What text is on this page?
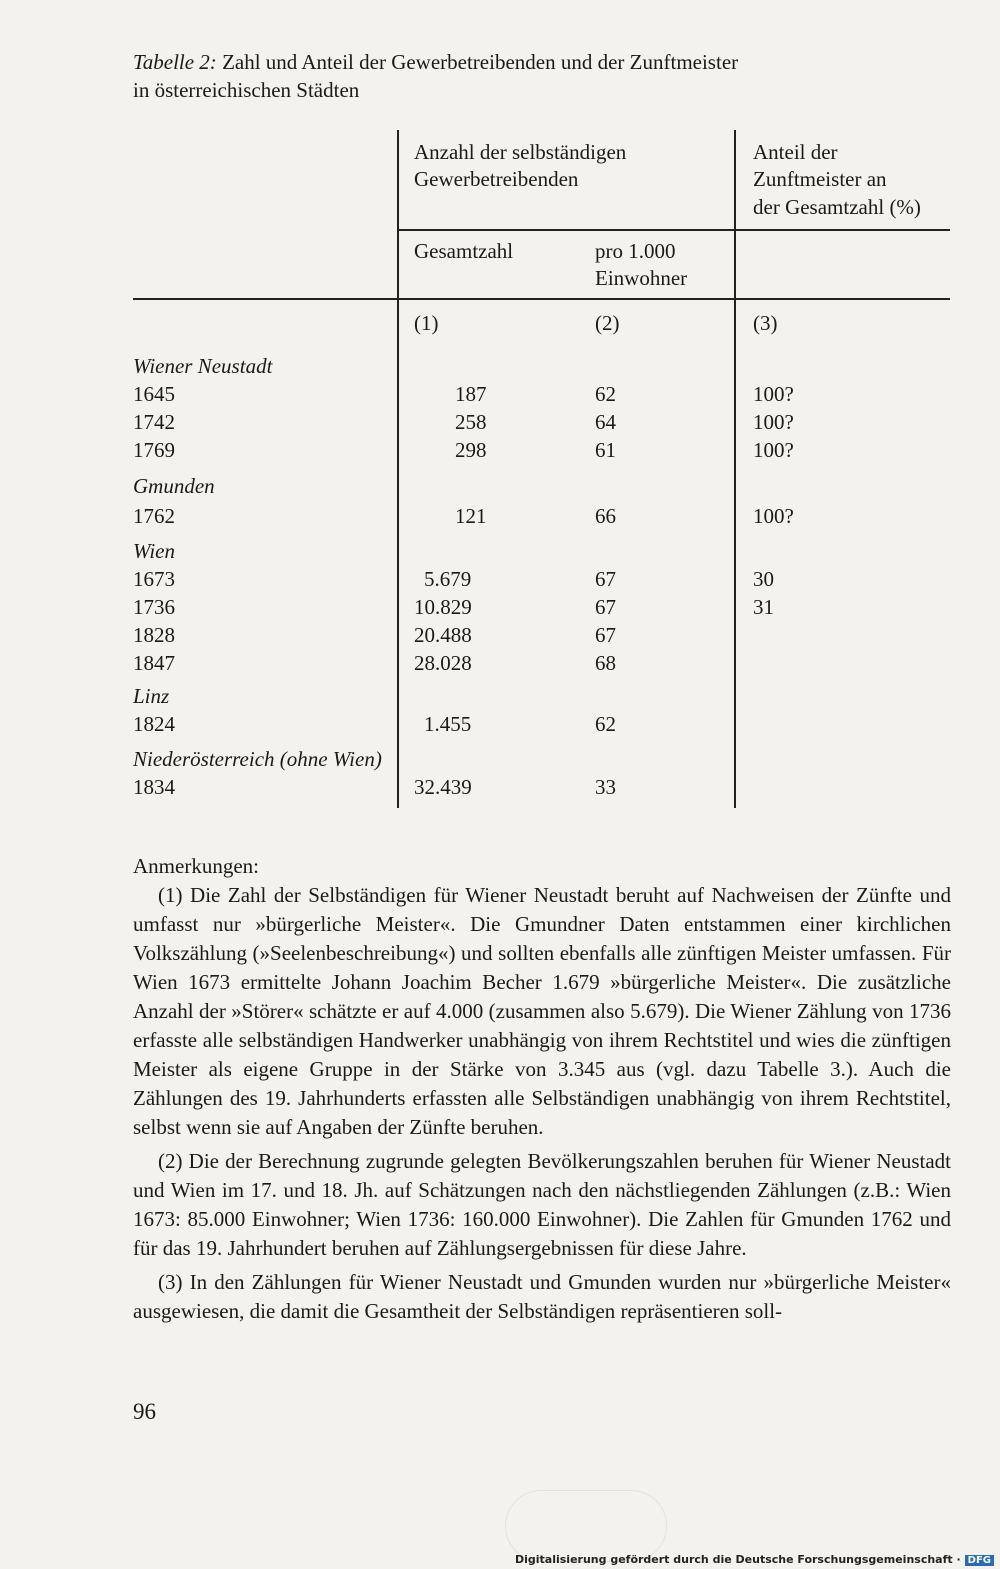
Tabelle 2: Zahl und Anteil der Gewerbetreibenden und der Zunftmeister
in österreichischen Städten
Anzahl der selbständigen
Gewerbetreibenden
Anteil der
Zunftmeister an
der Gesamtzahl (%)
Gesamtzahl	pro 1.000
Einwohner
(1)	(2)	(3)
Wiener Neustadt
1645	187	62	100?
1742	258	64	100?
1769	298	61	100?
Gmunden
1762	121	66	100?
Wien
1673	5.679	67	30
1736	10.829	67	31
1828	20.488	67
1847	28.028	68
Linz
1824	1.455	62
Niederösterreich (ohne Wien)
1834	32.439	33

Anmerkungen:

(1) Die Zahl der Selbständigen für Wiener Neustadt beruht auf Nachweisen der Zünfte und umfasst nur »bürgerliche Meister«. Die Gmundner Daten entstammen einer kirchlichen Volkszählung (»Seelenbeschreibung«) und sollten ebenfalls alle zünftigen Meister umfassen. Für Wien 1673 ermittelte Johann Joachim Becher 1.679 »bürgerliche Meister«. Die zusätzliche Anzahl der »Störer« schätzte er auf 4.000 (zusammen also 5.679). Die Wiener Zählung von 1736 erfasste alle selbständigen Handwerker unabhängig von ihrem Rechtstitel und wies die zünftigen Meister als eigene Gruppe in der Stärke von 3.345 aus (vgl. dazu Tabelle 3.). Auch die Zählungen des 19. Jahrhunderts erfassten alle Selbständigen unabhängig von ihrem Rechtstitel, selbst wenn sie auf Angaben der Zünfte beruhen.

(2) Die der Berechnung zugrunde gelegten Bevölkerungszahlen beruhen für Wiener Neustadt und Wien im 17. und 18. Jh. auf Schätzungen nach den nächstliegenden Zählungen (z.B.: Wien 1673: 85.000 Einwohner; Wien 1736: 160.000 Einwohner). Die Zahlen für Gmunden 1762 und für das 19. Jahrhundert beruhen auf Zählungsergebnissen für diese Jahre.

(3) In den Zählungen für Wiener Neustadt und Gmunden wurden nur »bürgerliche Meister« ausgewiesen, die damit die Gesamtheit der Selbständigen repräsentieren soll-

96
Digitalisierung gefördert durch die Deutsche Forschungsgemeinschaft · DFG
